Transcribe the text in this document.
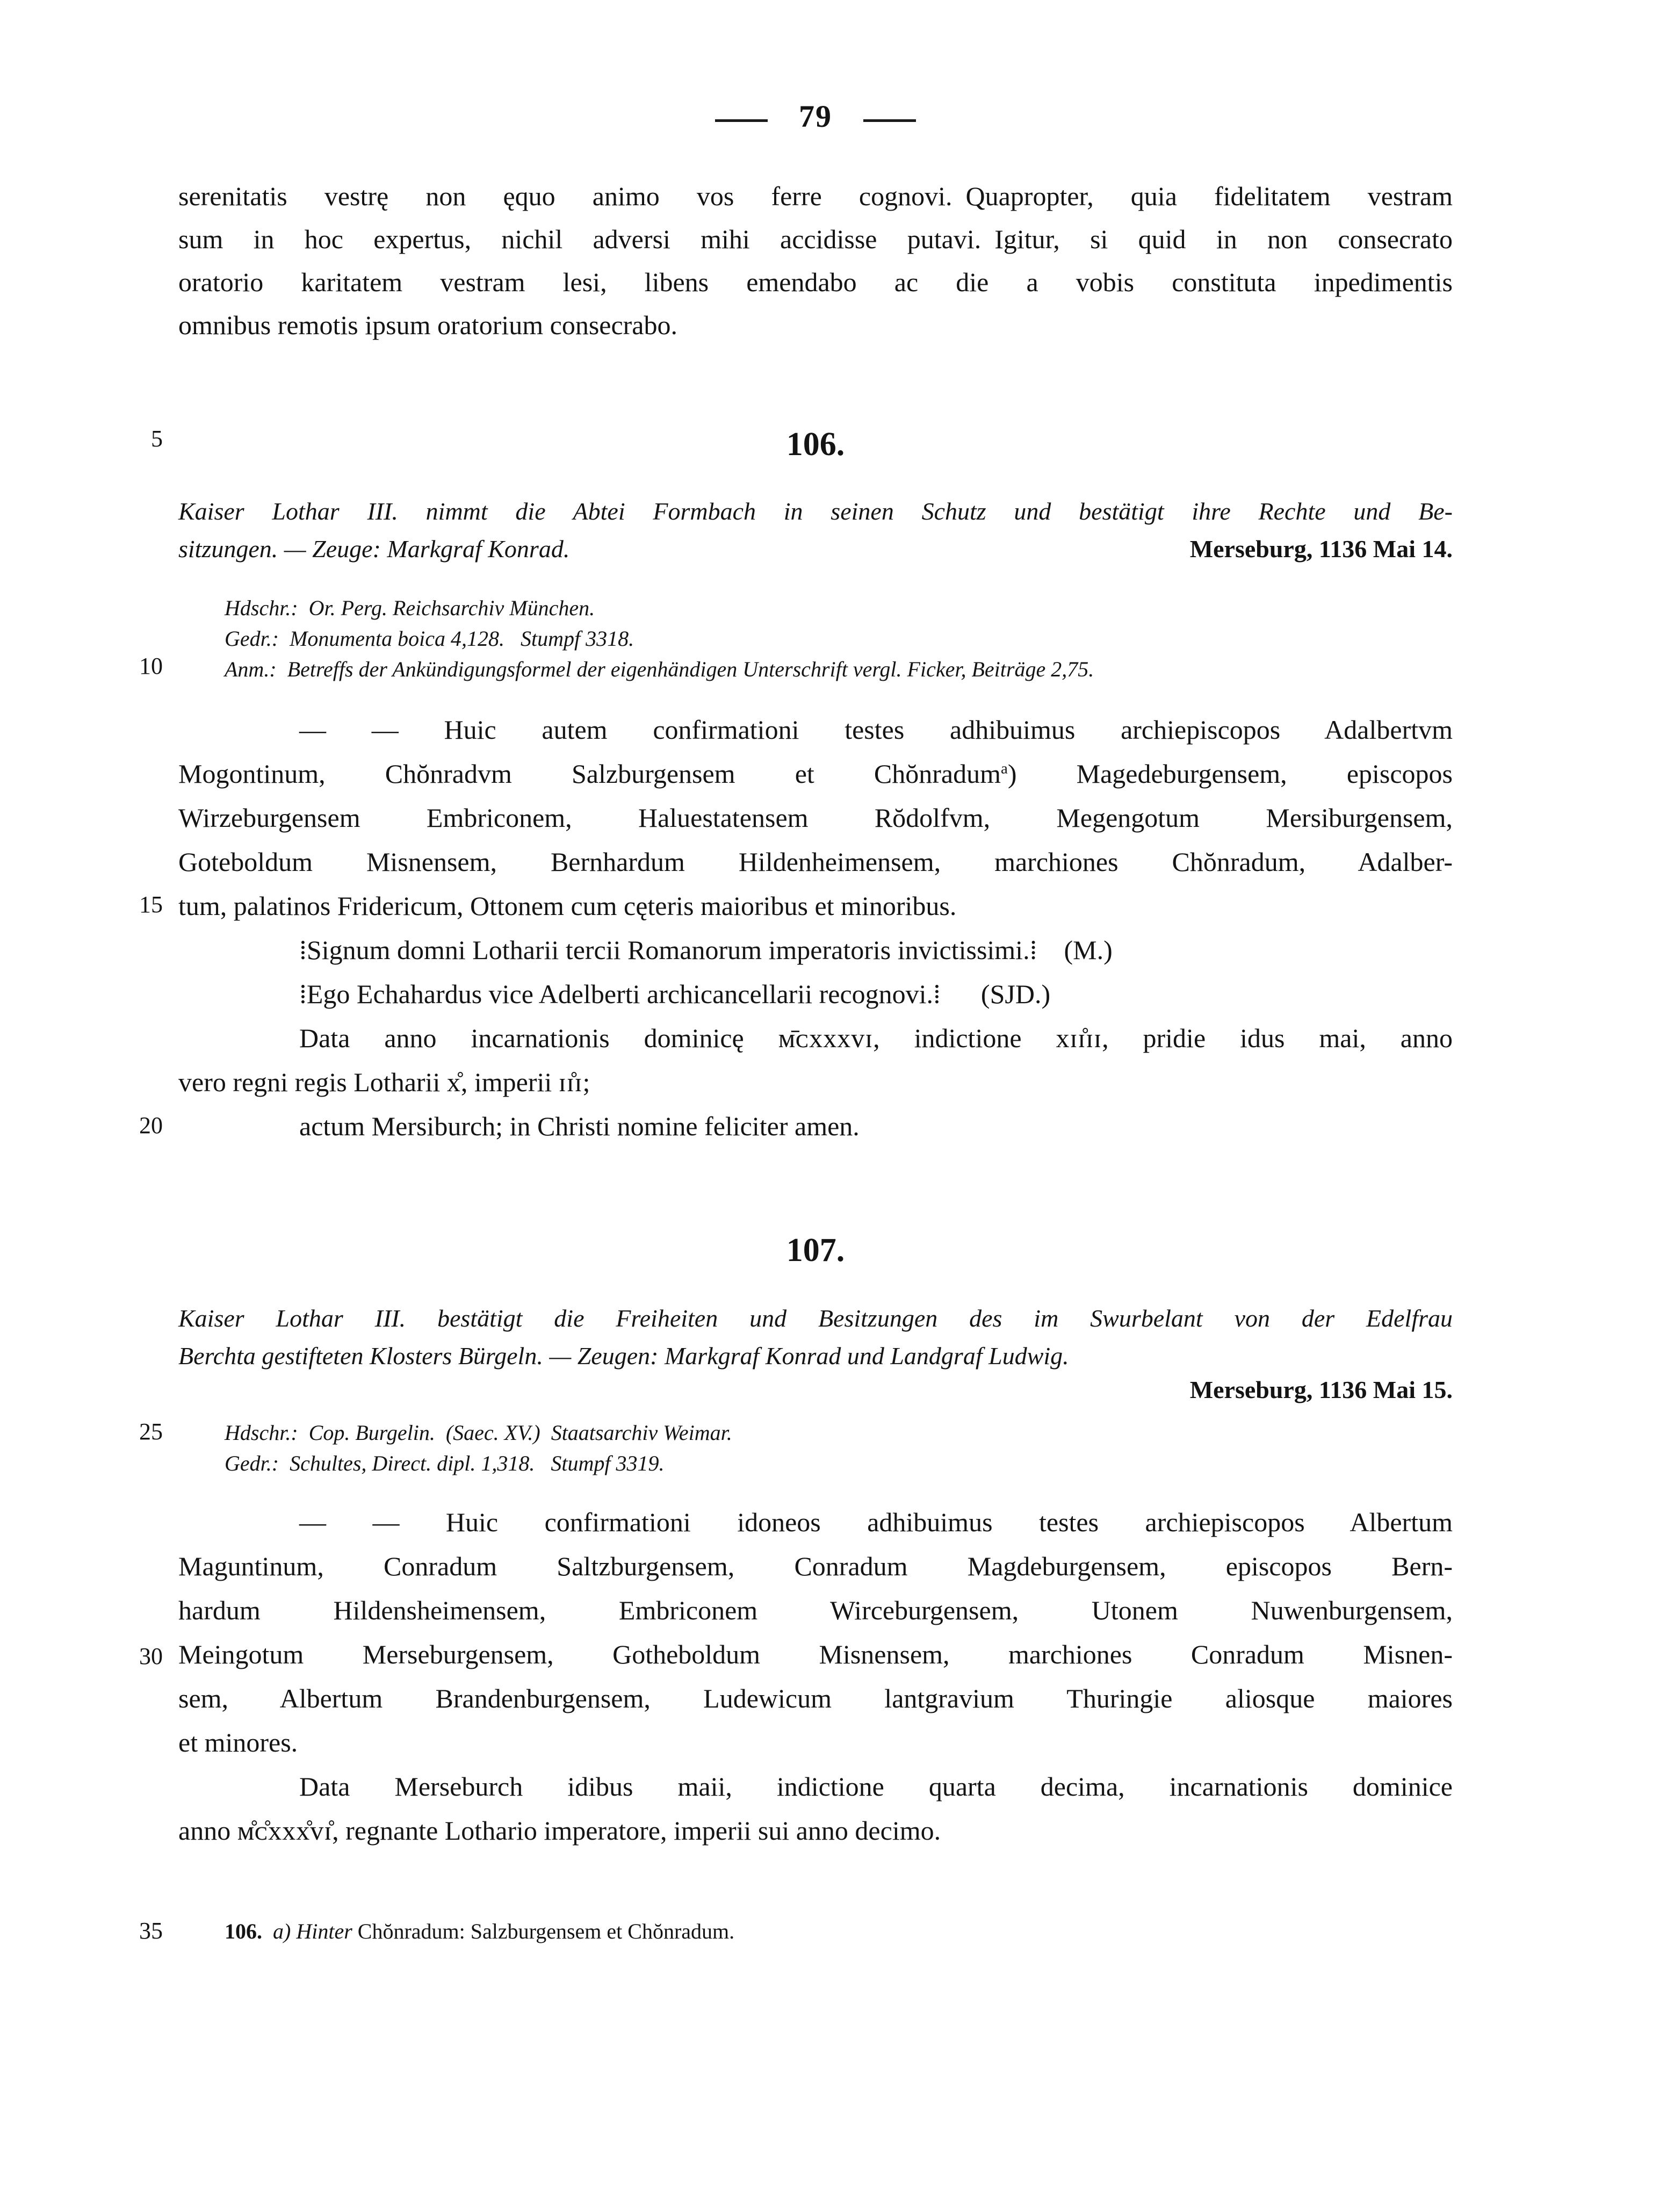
79
5
10
15
20
25
30
35
serenitatis vestrę non ęquo animo vos ferre cognovi. Quapropter, quia fidelitatem vestram
sum in hoc expertus, nichil adversi mihi accidisse putavi. Igitur, si quid in non consecrato
oratorio karitatem vestram lesi, libens emendabo ac die a vobis constituta inpedimentis
omnibus remotis ipsum oratorium consecrabo.
106.
Kaiser Lothar III. nimmt die Abtei Formbach in seinen Schutz und bestätigt ihre Rechte und Be-
sitzungen. — Zeuge: Markgraf Konrad.	Merseburg, 1136 Mai 14.
Hdschr.: Or. Perg. Reichsarchiv München.
Gedr.: Monumenta boica 4,128.  Stumpf 3318.
Anm.: Betreffs der Ankündigungsformel der eigenhändigen Unterschrift vergl. Ficker, Beiträge 2,75.
— — Huic autem confirmationi testes adhibuimus archiepiscopos Adalbertvm
Mogontinum, Chŏnradvm Salzburgensem et Chŏnradum$^a$) Magedeburgensem, episcopos
Wirzeburgensem Embriconem, Haluestatensem Rŏdolfvm, Megengotum Mersiburgensem,
Goteboldum Misnensem, Bernhardum Hildenheimensem, marchiones Chŏnradum, Adalber-
tum, palatinos Fridericum, Ottonem cum cęteris maioribus et minoribus.
⁞Signum domni Lotharii tercii Romanorum imperatoris invictissimi.⁞ (M.)
⁞Ego Echahardus vice Adelberti archicancellarii recognovi.⁞  (SJD.)
Data anno incarnationis dominicę ᴍ̄ᴄxxxᴠɪ, indictione xɪɪ̊ɪɪ, pridie idus mai, anno
vero regni regis Lotharii x̊, imperii ɪɪ̊ɪ;
actum Mersiburch; in Christi nomine feliciter amen.
107.
Kaiser Lothar III. bestätigt die Freiheiten und Besitzungen des im Swurbelant von der Edelfrau
Berchta gestifteten Klosters Bürgeln. — Zeugen: Markgraf Konrad und Landgraf Ludwig.
Merseburg, 1136 Mai 15.
Hdschr.: Cop. Burgelin. (Saec. XV.) Staatsarchiv Weimar.
Gedr.: Schultes, Direct. dipl. 1,318.  Stumpf 3319.
— — Huic confirmationi idoneos adhibuimus testes archiepiscopos Albertum
Maguntinum, Conradum Saltzburgensem, Conradum Magdeburgensem, episcopos Bern-
hardum Hildensheimensem, Embriconem Wirceburgensem, Utonem Nuwenburgensem,
Meingotum Merseburgensem, Gotheboldum Misnensem, marchiones Conradum Misnen-
sem, Albertum Brandenburgensem, Ludewicum lantgravium Thuringie aliosque maiores
et minores.
Data Merseburch idibus maii, indictione quarta decima, incarnationis dominice
anno ᴍ̊ᴄ̊xxx̊ᴠɪ̊, regnante Lothario imperatore, imperii sui anno decimo.
106. a) Hinter Chŏnradum: Salzburgensem et Chŏnradum.
